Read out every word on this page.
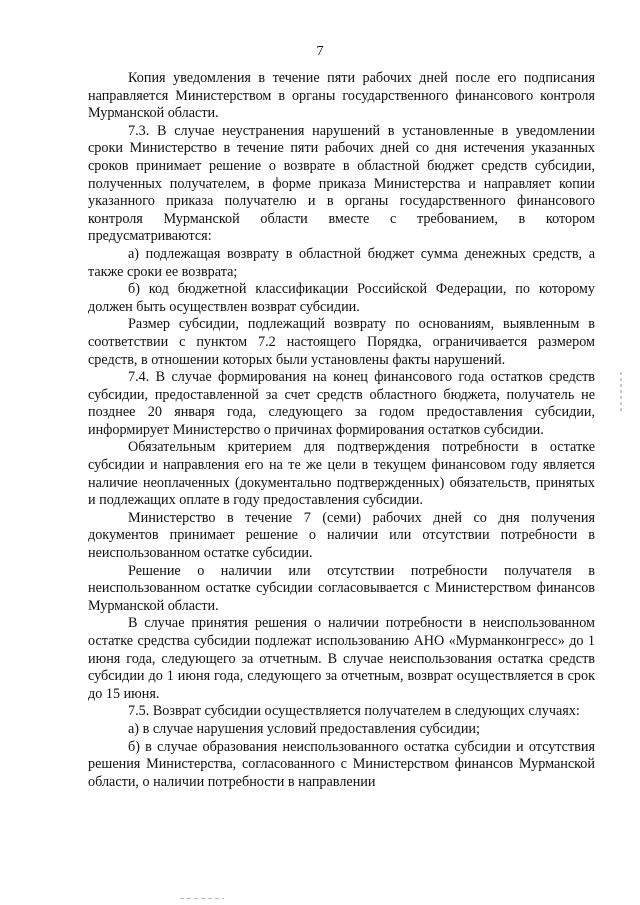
7

Копия уведомления в течение пяти рабочих дней после его подписания направляется Министерством в органы государственного финансового контроля Мурманской области.

7.3. В случае неустранения нарушений в установленные в уведомлении сроки Министерство в течение пяти рабочих дней со дня истечения указанных сроков принимает решение о возврате в областной бюджет средств субсидии, полученных получателем, в форме приказа Министерства и направляет копии указанного приказа получателю и в органы государственного финансового контроля Мурманской области вместе с требованием, в котором предусматриваются:

а) подлежащая возврату в областной бюджет сумма денежных средств, а также сроки ее возврата;

б) код бюджетной классификации Российской Федерации, по которому должен быть осуществлен возврат субсидии.

Размер субсидии, подлежащий возврату по основаниям, выявленным в соответствии с пунктом 7.2 настоящего Порядка, ограничивается размером средств, в отношении которых были установлены факты нарушений.

7.4. В случае формирования на конец финансового года остатков средств субсидии, предоставленной за счет средств областного бюджета, получатель не позднее 20 января года, следующего за годом предоставления субсидии, информирует Министерство о причинах формирования остатков субсидии.

Обязательным критерием для подтверждения потребности в остатке субсидии и направления его на те же цели в текущем финансовом году является наличие неоплаченных (документально подтвержденных) обязательств, принятых и подлежащих оплате в году предоставления субсидии.

Министерство в течение 7 (семи) рабочих дней со дня получения документов принимает решение о наличии или отсутствии потребности в неиспользованном остатке субсидии.

Решение о наличии или отсутствии потребности получателя в неиспользованном остатке субсидии согласовывается с Министерством финансов Мурманской области.

В случае принятия решения о наличии потребности в неиспользованном остатке средства субсидии подлежат использованию АНО «Мурманконгресс» до 1 июня года, следующего за отчетным. В случае неиспользования остатка средств субсидии до 1 июня года, следующего за отчетным, возврат осуществляется в срок до 15 июня.

7.5. Возврат субсидии осуществляется получателем в следующих случаях:

а) в случае нарушения условий предоставления субсидии;

б) в случае образования неиспользованного остатка субсидии и отсутствия решения Министерства, согласованного с Министерством финансов Мурманской области, о наличии потребности в направлении
